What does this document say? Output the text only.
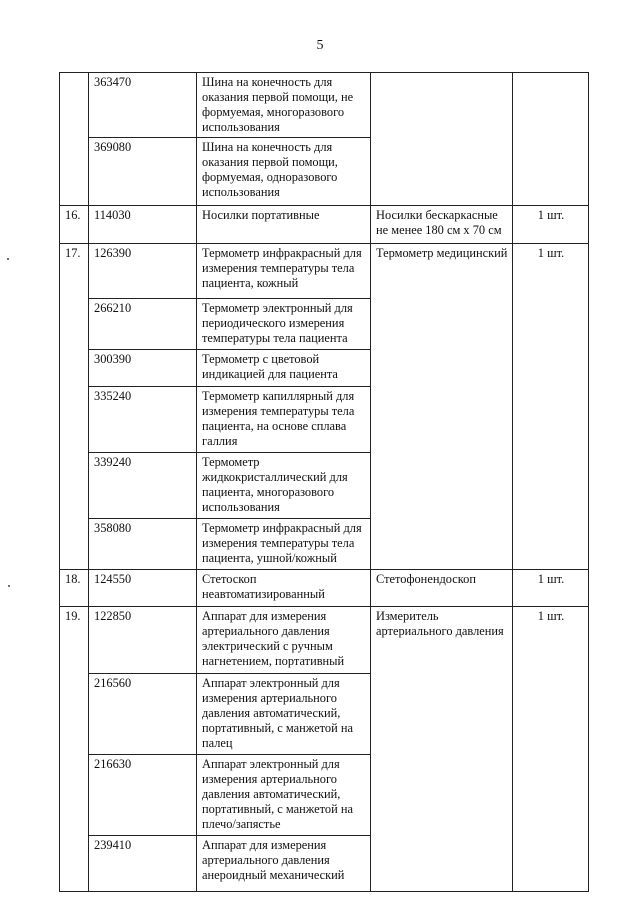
5
	363470	Шина на конечность для оказания первой помощи, не формуемая, многоразового использования		
	369080	Шина на конечность для оказания первой помощи, формуемая, одноразового использования		
16.	114030	Носилки портативные	Носилки бескаркасные не менее 180 см х 70 см	1 шт.
17.	126390	Термометр инфракрасный для измерения температуры тела пациента, кожный	Термометр медицинский	1 шт.
	266210	Термометр электронный для периодического измерения температуры тела пациента		
	300390	Термометр с цветовой индикацией для пациента		
	335240	Термометр капиллярный для измерения температуры тела пациента, на основе сплава галлия		
	339240	Термометр жидкокристаллический для пациента, многоразового использования		
	358080	Термометр инфракрасный для измерения температуры тела пациента, ушной/кожный		
18.	124550	Стетоскоп неавтоматизированный	Стетофонендоскоп	1 шт.
19.	122850	Аппарат для измерения артериального давления электрический с ручным нагнетением, портативный	Измеритель артериального давления	1 шт.
	216560	Аппарат электронный для измерения артериального давления автоматический, портативный, с манжетой на палец		
	216630	Аппарат электронный для измерения артериального давления автоматический, портативный, с манжетой на плечо/запястье		
	239410	Аппарат для измерения артериального давления анероидный механический		
